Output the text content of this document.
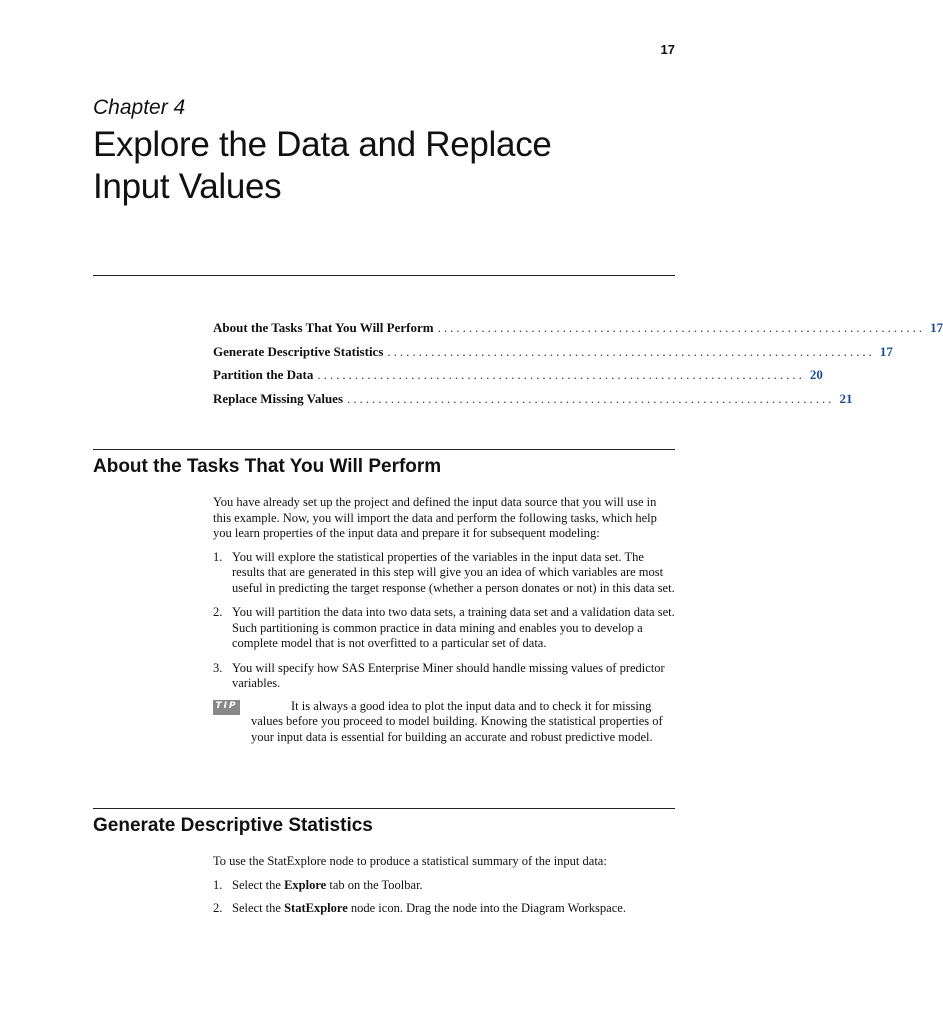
17
Chapter 4
Explore the Data and Replace
Input Values
About the Tasks That You Will Perform .............................................................................. 17
Generate Descriptive Statistics .............................................................................. 17
Partition the Data .............................................................................. 20
Replace Missing Values .............................................................................. 21
About the Tasks That You Will Perform

You have already set up the project and defined the input data source that you will use in this example. Now, you will import the data and perform the following tasks, which help you learn properties of the input data and prepare it for subsequent modeling:

1. You will explore the statistical properties of the variables in the input data set. The results that are generated in this step will give you an idea of which variables are most useful in predicting the target response (whether a person donates or not) in this data set.
2. You will partition the data into two data sets, a training data set and a validation data set. Such partitioning is common practice in data mining and enables you to develop a complete model that is not overfitted to a particular set of data.
3. You will specify how SAS Enterprise Miner should handle missing values of predictor variables.
TIP	It is always a good idea to plot the input data and to check it for missing values before you proceed to model building. Knowing the statistical properties of your input data is essential for building an accurate and robust predictive model.
Generate Descriptive Statistics

To use the StatExplore node to produce a statistical summary of the input data:

1. Select the Explore tab on the Toolbar.
2. Select the StatExplore node icon. Drag the node into the Diagram Workspace.
